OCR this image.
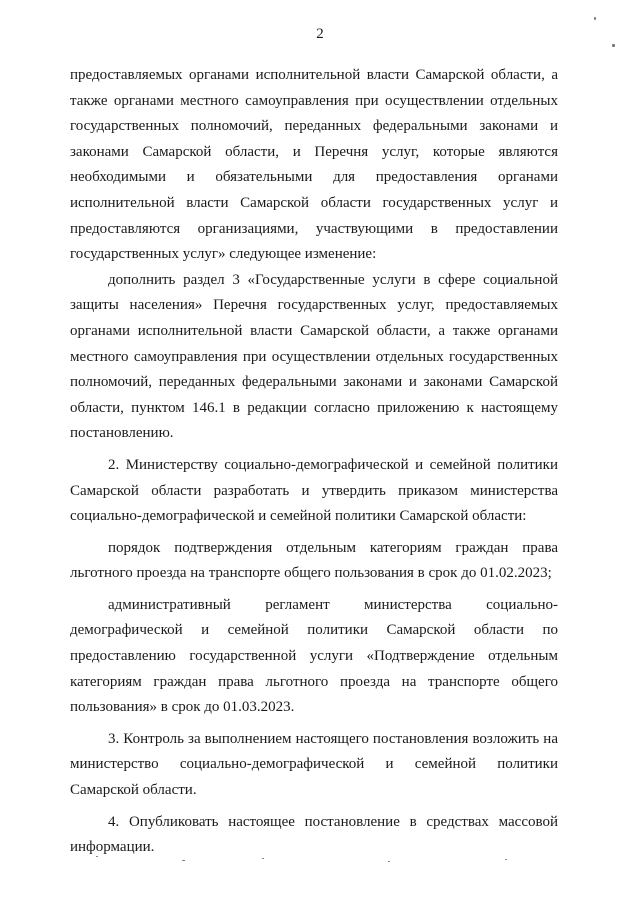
2

предоставляемых органами исполнительной власти Самарской области, а также органами местного самоуправления при осуществлении отдельных государственных полномочий, переданных федеральными законами и законами Самарской области, и Перечня услуг, которые являются необходимыми и обязательными для предоставления органами исполнительной власти Самарской области государственных услуг и предоставляются организациями, участвующими в предоставлении государственных услуг» следующее изменение:

дополнить раздел 3 «Государственные услуги в сфере социальной защиты населения» Перечня государственных услуг, предоставляемых органами исполнительной власти Самарской области, а также органами местного самоуправления при осуществлении отдельных государственных полномочий, переданных федеральными законами и законами Самарской области, пунктом 146.1 в редакции согласно приложению к настоящему постановлению.

2. Министерству социально-демографической и семейной политики Самарской области разработать и утвердить приказом министерства социально-демографической и семейной политики Самарской области:

порядок подтверждения отдельным категориям граждан права льготного проезда на транспорте общего пользования в срок до 01.02.2023;

административный регламент министерства социально-демографической и семейной политики Самарской области по предоставлению государственной услуги «Подтверждение отдельным категориям граждан права льготного проезда на транспорте общего пользования» в срок до 01.03.2023.

3. Контроль за выполнением настоящего постановления возложить на министерство социально-демографической и семейной политики Самарской области.

4. Опубликовать настоящее постановление в средствах массовой информации.
